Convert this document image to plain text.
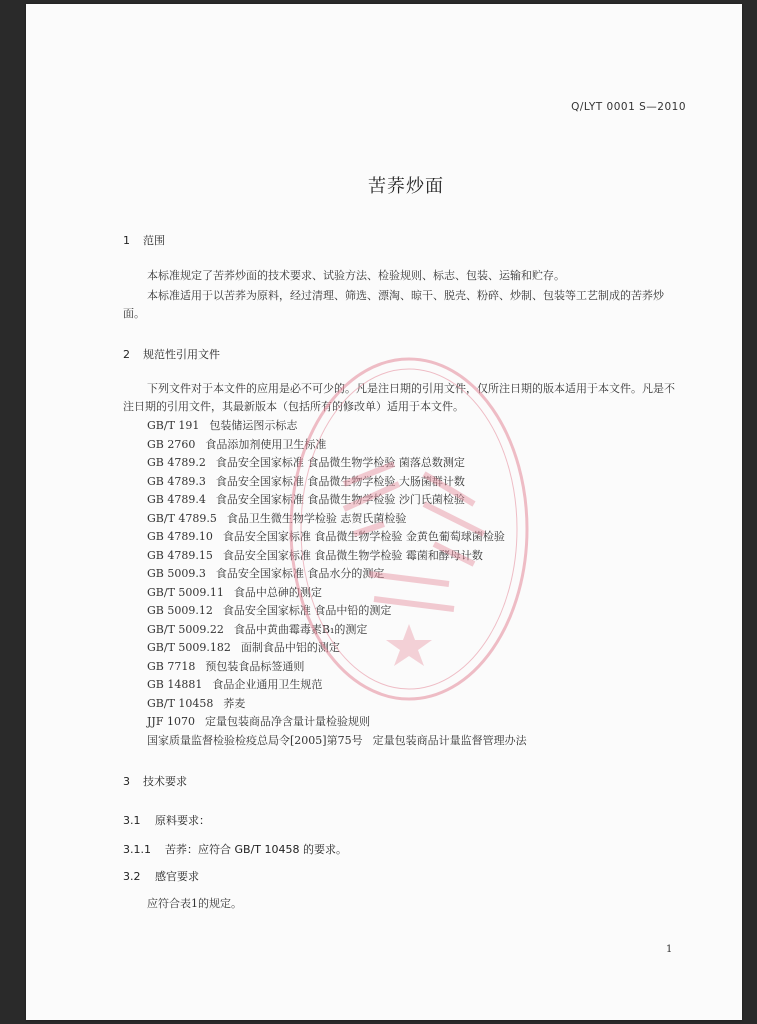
Q/LYT 0001 S—2010
苦荞炒面
1 范围

本标准规定了苦荞炒面的技术要求、试验方法、检验规则、标志、包装、运输和贮存。

本标准适用于以苦荞为原料，经过清理、筛选、漂淘、晾干、脱壳、粉碎、炒制、包装等工艺制成的苦荞炒面。

2 规范性引用文件

下列文件对于本文件的应用是必不可少的。凡是注日期的引用文件，仅所注日期的版本适用于本文件。凡是不注日期的引用文件，其最新版本（包括所有的修改单）适用于本文件。

GB/T 191 包装储运图示标志
GB 2760 食品添加剂使用卫生标准
GB 4789.2 食品安全国家标准 食品微生物学检验 菌落总数测定
GB 4789.3 食品安全国家标准 食品微生物学检验 大肠菌群计数
GB 4789.4 食品安全国家标准 食品微生物学检验 沙门氏菌检验
GB/T 4789.5 食品卫生微生物学检验 志贺氏菌检验
GB 4789.10 食品安全国家标准 食品微生物学检验 金黄色葡萄球菌检验
GB 4789.15 食品安全国家标准 食品微生物学检验 霉菌和酵母计数
GB 5009.3 食品安全国家标准 食品水分的测定
GB/T 5009.11 食品中总砷的测定
GB 5009.12 食品安全国家标准 食品中铅的测定
GB/T 5009.22 食品中黄曲霉毒素B₁的测定
GB/T 5009.182 面制食品中铝的测定
GB 7718 预包装食品标签通则
GB 14881 食品企业通用卫生规范
GB/T 10458 荞麦
JJF 1070 定量包装商品净含量计量检验规则
国家质量监督检验检疫总局令[2005]第75号 定量包装商品计量监督管理办法
3 技术要求
3.1 原料要求：
3.1.1 苦荞：应符合 GB/T 10458 的要求。
3.2 感官要求
应符合表1的规定。
1
